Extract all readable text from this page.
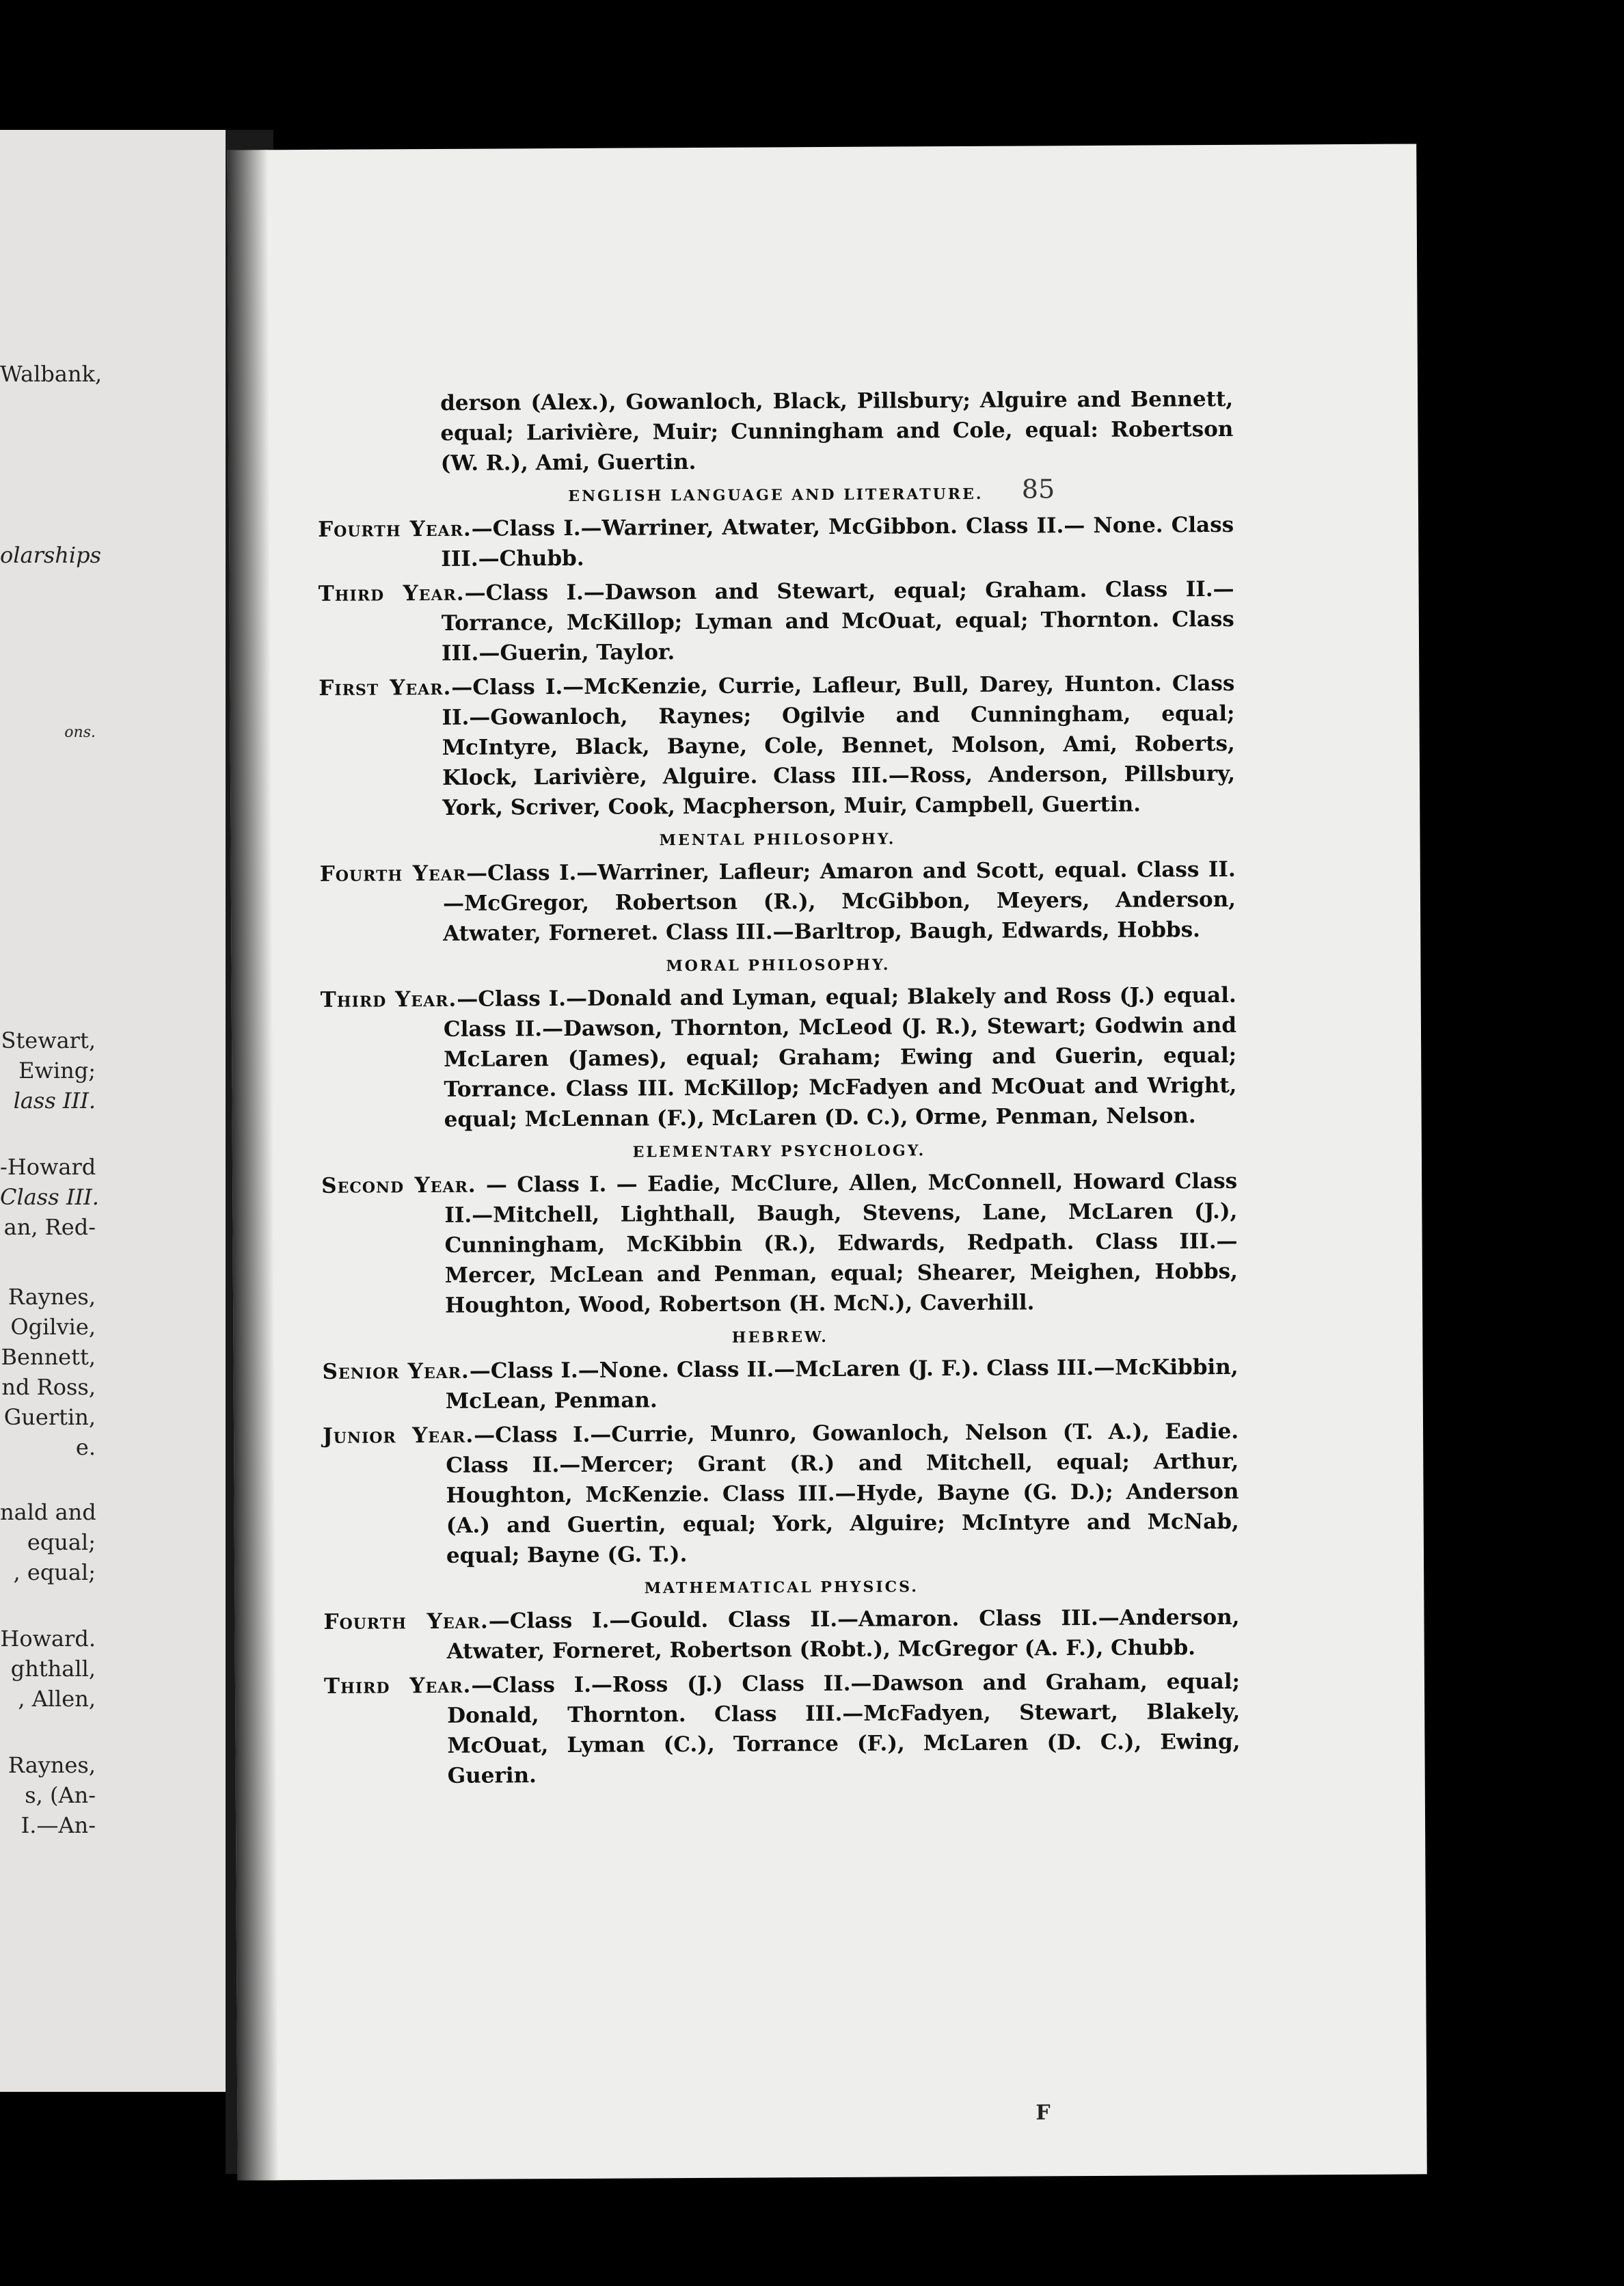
Walbank,
olarships
ons.
Stewart,
Ewing;
lass III.
-Howard
Class III.
an, Red-
Raynes,
Ogilvie,
Bennett,
nd Ross,
Guertin,
e.
nald and
equal;
, equal;
Howard.
ghthall,
, Allen,
Raynes,
s, (An-
I.—An-
85

derson (Alex.), Gowanloch, Black, Pillsbury; Alguire and Bennett, equal; Larivière, Muir; Cunningham and Cole, equal: Robertson (W. R.), Ami, Guertin.

ENGLISH LANGUAGE AND LITERATURE.

Fourth Year.—Class I.—Warriner, Atwater, McGibbon. Class II.— None. Class III.—Chubb.

Third Year.—Class I.—Dawson and Stewart, equal; Graham. Class II.—Torrance, McKillop; Lyman and McOuat, equal; Thornton. Class III.—Guerin, Taylor.

First Year.—Class I.—McKenzie, Currie, Lafleur, Bull, Darey, Hunton. Class II.—Gowanloch, Raynes; Ogilvie and Cunningham, equal; McIntyre, Black, Bayne, Cole, Bennet, Molson, Ami, Roberts, Klock, Larivière, Alguire. Class III.—Ross, Anderson, Pillsbury, York, Scriver, Cook, Macpherson, Muir, Campbell, Guertin.

MENTAL PHILOSOPHY.

Fourth Year—Class I.—Warriner, Lafleur; Amaron and Scott, equal. Class II.—McGregor, Robertson (R.), McGibbon, Meyers, Anderson, Atwater, Forneret. Class III.—Barltrop, Baugh, Edwards, Hobbs.

MORAL PHILOSOPHY.

Third Year.—Class I.—Donald and Lyman, equal; Blakely and Ross (J.) equal. Class II.—Dawson, Thornton, McLeod (J. R.), Stewart; Godwin and McLaren (James), equal; Graham; Ewing and Guerin, equal; Torrance. Class III. McKillop; McFadyen and McOuat and Wright, equal; McLennan (F.), McLaren (D. C.), Orme, Penman, Nelson.

ELEMENTARY PSYCHOLOGY.

Second Year. — Class I. — Eadie, McClure, Allen, McConnell, Howard Class II.—Mitchell, Lighthall, Baugh, Stevens, Lane, McLaren (J.), Cunningham, McKibbin (R.), Edwards, Redpath. Class III.—Mercer, McLean and Penman, equal; Shearer, Meighen, Hobbs, Houghton, Wood, Robertson (H. McN.), Caverhill.

HEBREW.

Senior Year.—Class I.—None. Class II.—McLaren (J. F.). Class III.—McKibbin, McLean, Penman.

Junior Year.—Class I.—Currie, Munro, Gowanloch, Nelson (T. A.), Eadie. Class II.—Mercer; Grant (R.) and Mitchell, equal; Arthur, Houghton, McKenzie. Class III.—Hyde, Bayne (G. D.); Anderson (A.) and Guertin, equal; York, Alguire; McIntyre and McNab, equal; Bayne (G. T.).

MATHEMATICAL PHYSICS.

Fourth Year.—Class I.—Gould. Class II.—Amaron. Class III.—Anderson, Atwater, Forneret, Robertson (Robt.), McGregor (A. F.), Chubb.

Third Year.—Class I.—Ross (J.) Class II.—Dawson and Graham, equal; Donald, Thornton. Class III.—McFadyen, Stewart, Blakely, McOuat, Lyman (C.), Torrance (F.), McLaren (D. C.), Ewing, Guerin.

F
